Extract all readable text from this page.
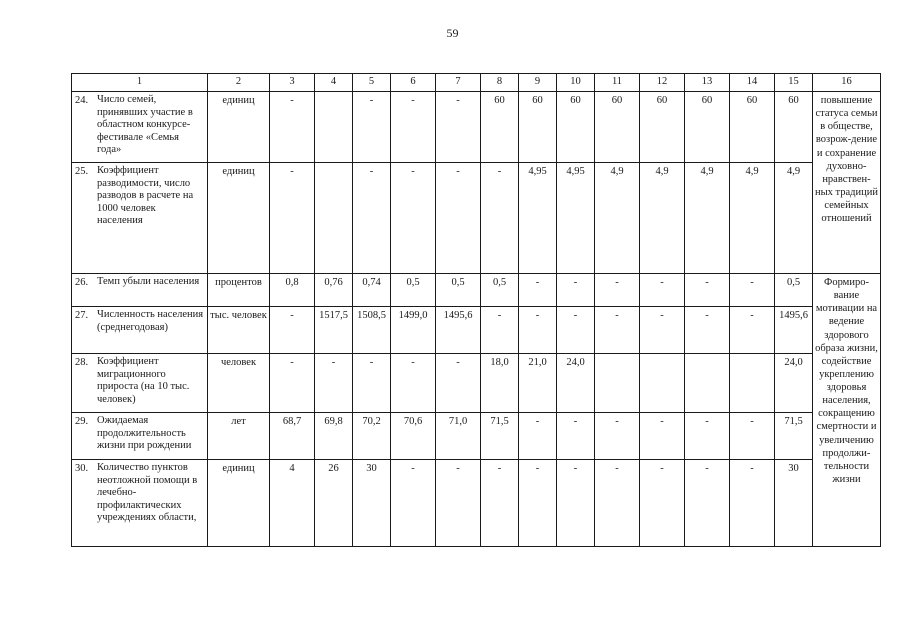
59
1	2	3	4	5	6	7	8	9	10	11	12	13	14	15	16
24. Число семей, принявших участие в областном конкурсе-фестивале «Семья года»	единиц	-		-	-	-	60	60	60	60	60	60	60	60	повышение статуса семьи в обществе, возрож-дение и сохранение духовно-нравствен-ных традиций семейных отношений
25. Коэффициент разводимости, число разводов в расчете на 1000 человек населения	единиц	-		-	-	-	-	4,95	4,95	4,9	4,9	4,9	4,9	4,9	
26. Темп убыли населения	процентов	0,8	0,76	0,74	0,5	0,5	0,5	-	-	-	-	-	-	0,5	Формиро-вание мотивации на ведение здорового образа жизни, содействие укреплению здоровья населения, сокращению смертности и увеличению продолжи-тельности жизни
27. Численность населения (среднегодовая)	тыс. человек	-	1517,5	1508,5	1499,0	1495,6	-	-	-	-	-	-	-	1495,6	
28. Коэффициент миграционного прироста (на 10 тыс. человек)	человек	-	-	-	-	-	18,0	21,0	24,0					24,0	
29. Ожидаемая продолжительность жизни при рождении	лет	68,7	69,8	70,2	70,6	71,0	71,5	-	-	-	-	-	-	71,5	
30. Количество пунктов неотложной помощи в лечебно-профилактических учреждениях области,	единиц	4	26	30	-	-	-	-	-	-	-	-	-	30	
